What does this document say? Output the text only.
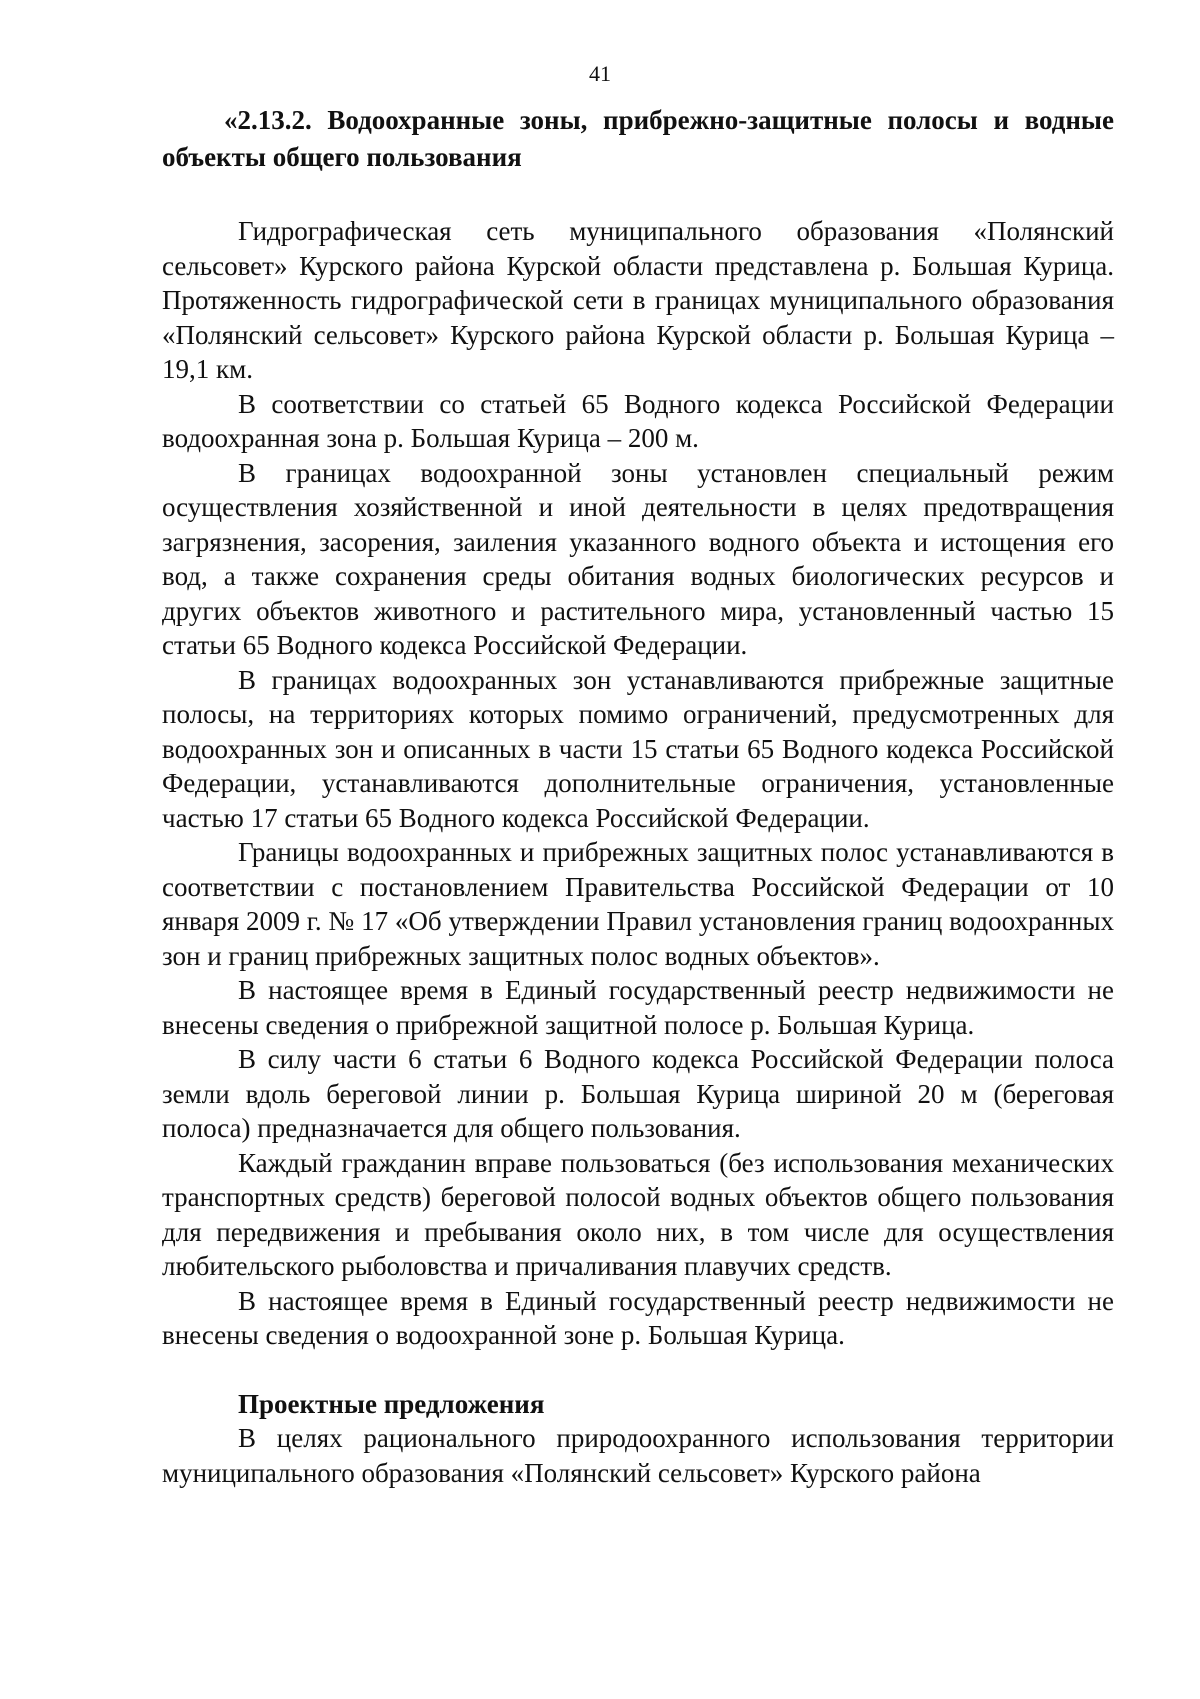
41

«2.13.2. Водоохранные зоны, прибрежно-защитные полосы и водные объекты общего пользования

Гидрографическая сеть муниципального образования «Полянский сельсовет» Курского района Курской области представлена р. Большая Курица. Протяженность гидрографической сети в границах муниципального образования «Полянский сельсовет» Курского района Курской области р. Большая Курица – 19,1 км.

В соответствии со статьей 65 Водного кодекса Российской Федерации водоохранная зона р. Большая Курица – 200 м.

В границах водоохранной зоны установлен специальный режим осуществления хозяйственной и иной деятельности в целях предотвращения загрязнения, засорения, заиления указанного водного объекта и истощения его вод, а также сохранения среды обитания водных биологических ресурсов и других объектов животного и растительного мира, установленный частью 15 статьи 65 Водного кодекса Российской Федерации.

В границах водоохранных зон устанавливаются прибрежные защитные полосы, на территориях которых помимо ограничений, предусмотренных для водоохранных зон и описанных в части 15 статьи 65 Водного кодекса Российской Федерации, устанавливаются дополнительные ограничения, установленные частью 17 статьи 65 Водного кодекса Российской Федерации.

Границы водоохранных и прибрежных защитных полос устанавливаются в соответствии с постановлением Правительства Российской Федерации от 10 января 2009 г. № 17 «Об утверждении Правил установления границ водоохранных зон и границ прибрежных защитных полос водных объектов».

В настоящее время в Единый государственный реестр недвижимости не внесены сведения о прибрежной защитной полосе р. Большая Курица.

В силу части 6 статьи 6 Водного кодекса Российской Федерации полоса земли вдоль береговой линии р. Большая Курица шириной 20 м (береговая полоса) предназначается для общего пользования.

Каждый гражданин вправе пользоваться (без использования механических транспортных средств) береговой полосой водных объектов общего пользования для передвижения и пребывания около них, в том числе для осуществления любительского рыболовства и причаливания плавучих средств.

В настоящее время в Единый государственный реестр недвижимости не внесены сведения о водоохранной зоне р. Большая Курица.

Проектные предложения

В целях рационального природоохранного использования территории муниципального образования «Полянский сельсовет» Курского района
